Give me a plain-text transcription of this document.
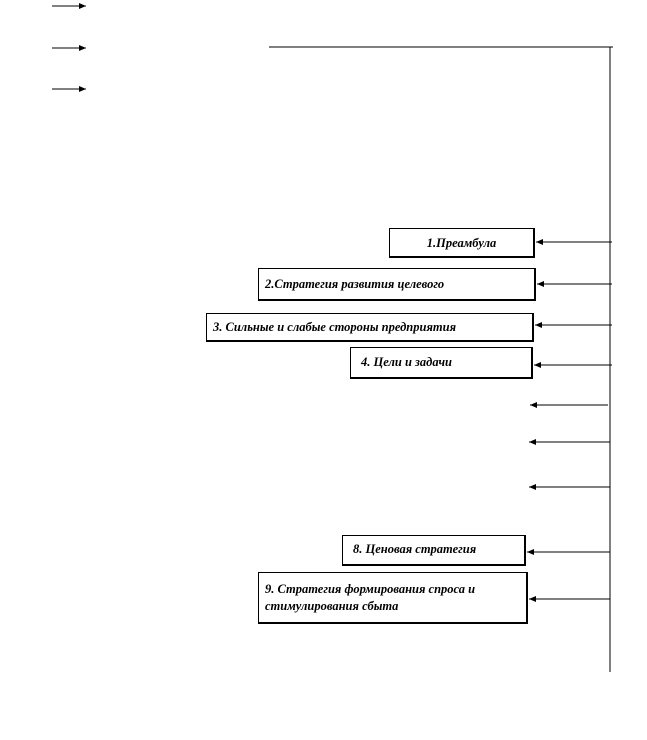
1.Преамбула
2.Стратегия развития целевого
3. Сильные и слабые стороны предприятия
4. Цели и задачи
8. Ценовая стратегия
9. Стратегия формирования спроса и стимулирования сбыта
